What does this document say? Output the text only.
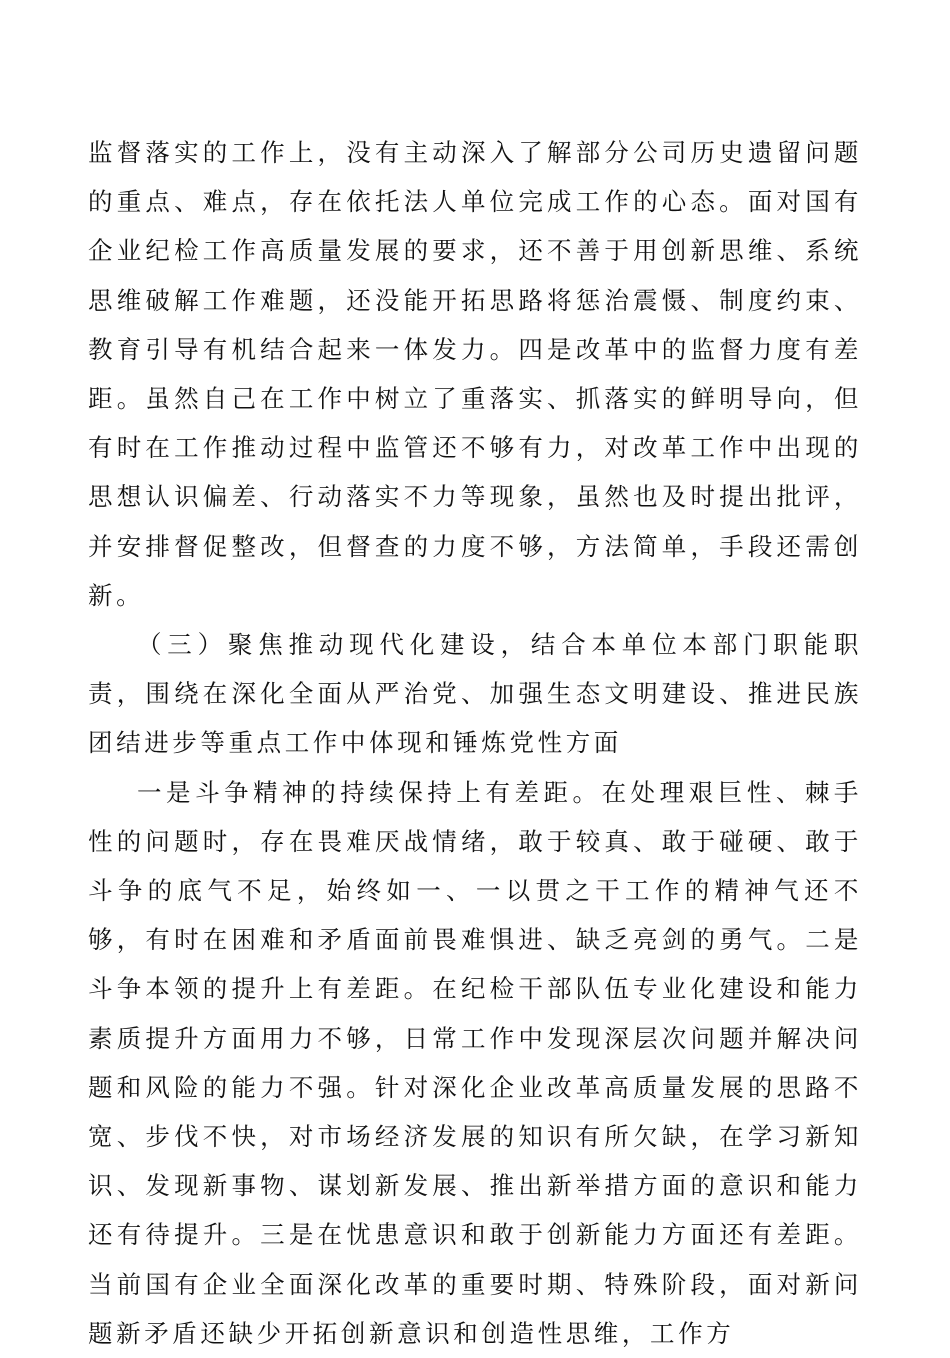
监督落实的工作上，没有主动深入了解部分公司历史遗留问题的重点、难点，存在依托法人单位完成工作的心态。面对国有企业纪检工作高质量发展的要求，还不善于用创新思维、系统思维破解工作难题，还没能开拓思路将惩治震慑、制度约束、教育引导有机结合起来一体发力。四是改革中的监督力度有差距。虽然自己在工作中树立了重落实、抓落实的鲜明导向，但有时在工作推动过程中监管还不够有力，对改革工作中出现的思想认识偏差、行动落实不力等现象，虽然也及时提出批评，并安排督促整改，但督查的力度不够，方法简单，手段还需创新。

（三）聚焦推动现代化建设，结合本单位本部门职能职责，围绕在深化全面从严治党、加强生态文明建设、推进民族团结进步等重点工作中体现和锤炼党性方面

一是斗争精神的持续保持上有差距。在处理艰巨性、棘手性的问题时，存在畏难厌战情绪，敢于较真、敢于碰硬、敢于斗争的底气不足，始终如一、一以贯之干工作的精神气还不够，有时在困难和矛盾面前畏难惧进、缺乏亮剑的勇气。二是斗争本领的提升上有差距。在纪检干部队伍专业化建设和能力素质提升方面用力不够，日常工作中发现深层次问题并解决问题和风险的能力不强。针对深化企业改革高质量发展的思路不宽、步伐不快，对市场经济发展的知识有所欠缺，在学习新知识、发现新事物、谋划新发展、推出新举措方面的意识和能力还有待提升。三是在忧患意识和敢于创新能力方面还有差距。当前国有企业全面深化改革的重要时期、特殊阶段，面对新问题新矛盾还缺少开拓创新意识和创造性思维，工作方
